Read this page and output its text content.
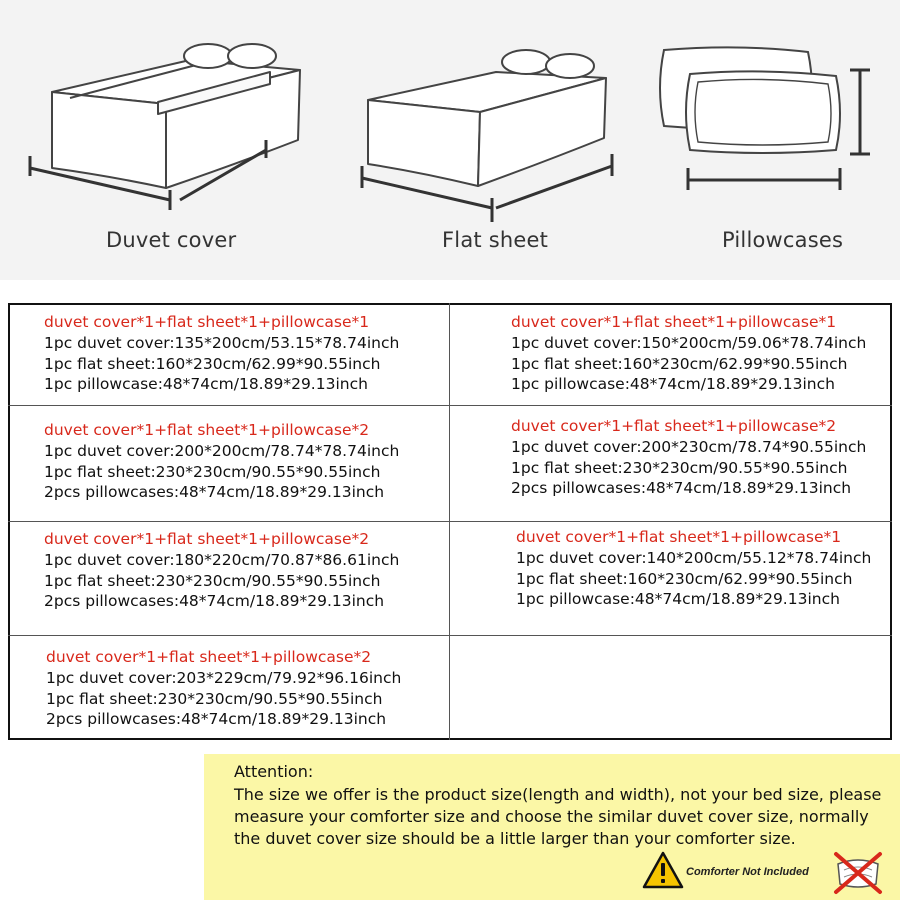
Duvet cover	Flat sheet	Pillowcases
duvet cover*1+flat sheet*1+pillowcase*1
1pc duvet cover:135*200cm/53.15*78.74inch
1pc flat sheet:160*230cm/62.99*90.55inch
1pc pillowcase:48*74cm/18.89*29.13inch
duvet cover*1+flat sheet*1+pillowcase*1
1pc duvet cover:150*200cm/59.06*78.74inch
1pc flat sheet:160*230cm/62.99*90.55inch
1pc pillowcase:48*74cm/18.89*29.13inch
duvet cover*1+flat sheet*1+pillowcase*2
1pc duvet cover:200*200cm/78.74*78.74inch
1pc flat sheet:230*230cm/90.55*90.55inch
2pcs pillowcases:48*74cm/18.89*29.13inch
duvet cover*1+flat sheet*1+pillowcase*2
1pc duvet cover:200*230cm/78.74*90.55inch
1pc flat sheet:230*230cm/90.55*90.55inch
2pcs pillowcases:48*74cm/18.89*29.13inch
duvet cover*1+flat sheet*1+pillowcase*2
1pc duvet cover:180*220cm/70.87*86.61inch
1pc flat sheet:230*230cm/90.55*90.55inch
2pcs pillowcases:48*74cm/18.89*29.13inch
duvet cover*1+flat sheet*1+pillowcase*1
1pc duvet cover:140*200cm/55.12*78.74inch
1pc flat sheet:160*230cm/62.99*90.55inch
1pc pillowcase:48*74cm/18.89*29.13inch
duvet cover*1+flat sheet*1+pillowcase*2
1pc duvet cover:203*229cm/79.92*96.16inch
1pc flat sheet:230*230cm/90.55*90.55inch
2pcs pillowcases:48*74cm/18.89*29.13inch
Attention:
The size we offer is the product size(length and width), not your bed size, please measure your comforter size and choose the similar duvet cover size, normally the duvet cover size should be a little larger than your comforter size.
Comforter Not Included
